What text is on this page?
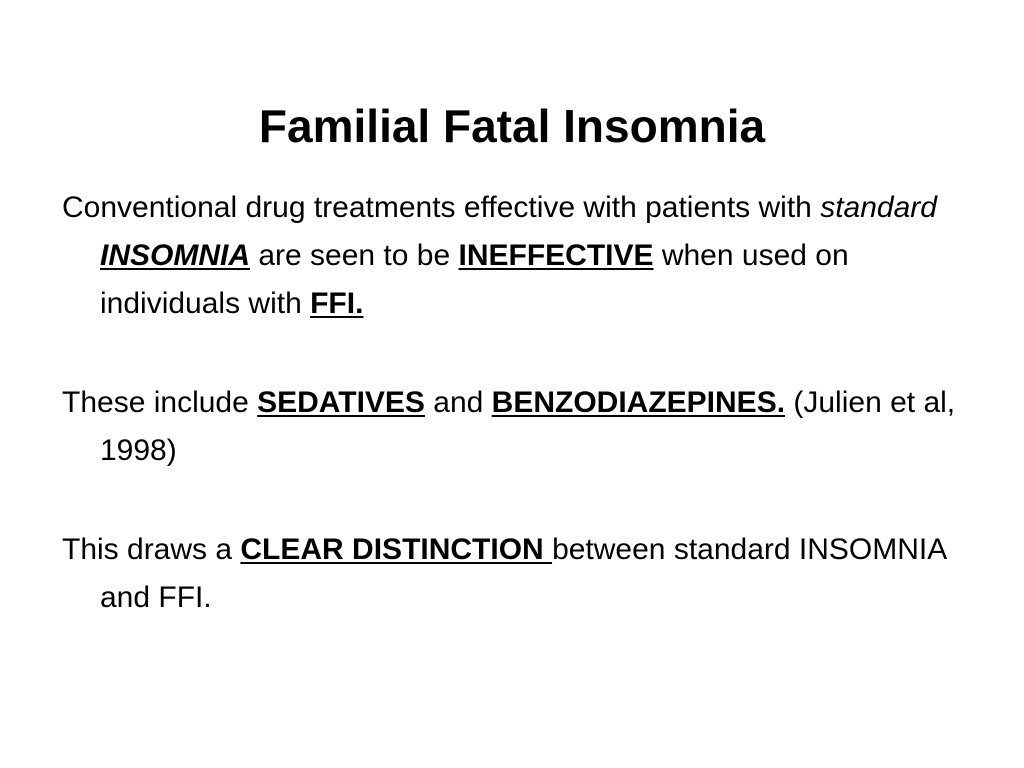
Familial Fatal Insomnia

Conventional drug treatments effective with patients with standard INSOMNIA are seen to be INEFFECTIVE when used on individuals with FFI.

These include SEDATIVES and BENZODIAZEPINES. (Julien et al, 1998)

This draws a CLEAR DISTINCTION between standard INSOMNIA and FFI.
